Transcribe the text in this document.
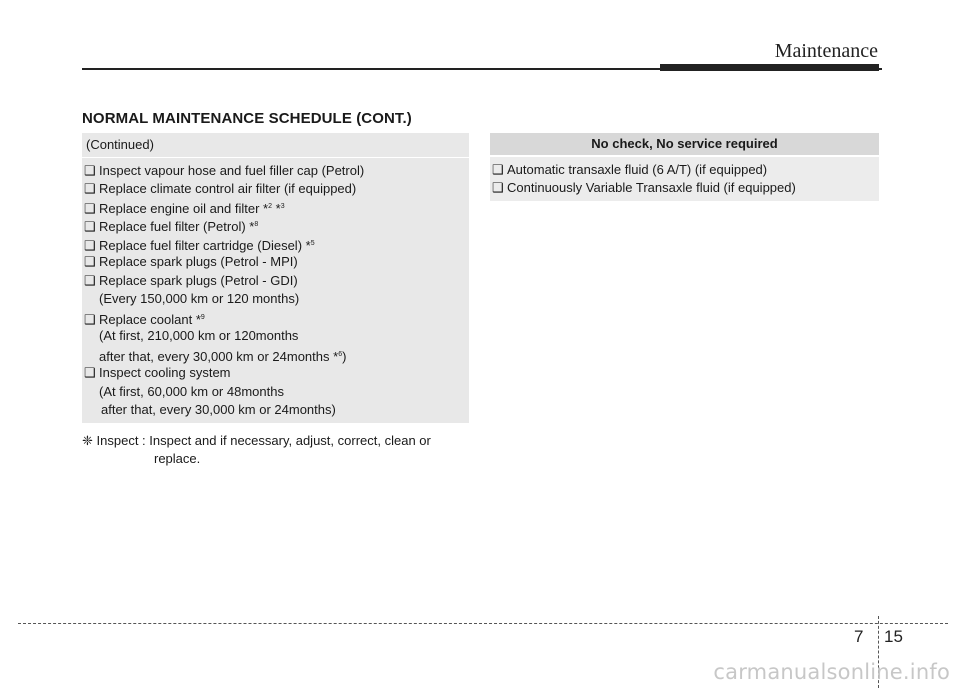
Maintenance
NORMAL MAINTENANCE SCHEDULE (CONT.)
(Continued)
❑ Inspect vapour hose and fuel filler cap (Petrol)
❑ Replace climate control air filter (if equipped)
❑ Replace engine oil and filter *$^2$ *$^3$
❑ Replace fuel filter (Petrol) *$^8$
❑ Replace fuel filter cartridge (Diesel) *$^5$
❑ Replace spark plugs (Petrol - MPI)
❑ Replace spark plugs (Petrol - GDI)
(Every 150,000 km or 120 months)
❑ Replace coolant *$^9$
(At first, 210,000 km or 120months
after that, every 30,000 km or 24months *$^6$)
❑ Inspect cooling system
(At first, 60,000 km or 48months
after that, every 30,000 km or 24months)
❈ Inspect : Inspect and if necessary, adjust, correct, clean or
replace.
No check, No service required
❑ Automatic transaxle fluid (6 A/T) (if equipped)
❑ Continuously Variable Transaxle fluid (if equipped)
7 15
carmanualsonline.info
